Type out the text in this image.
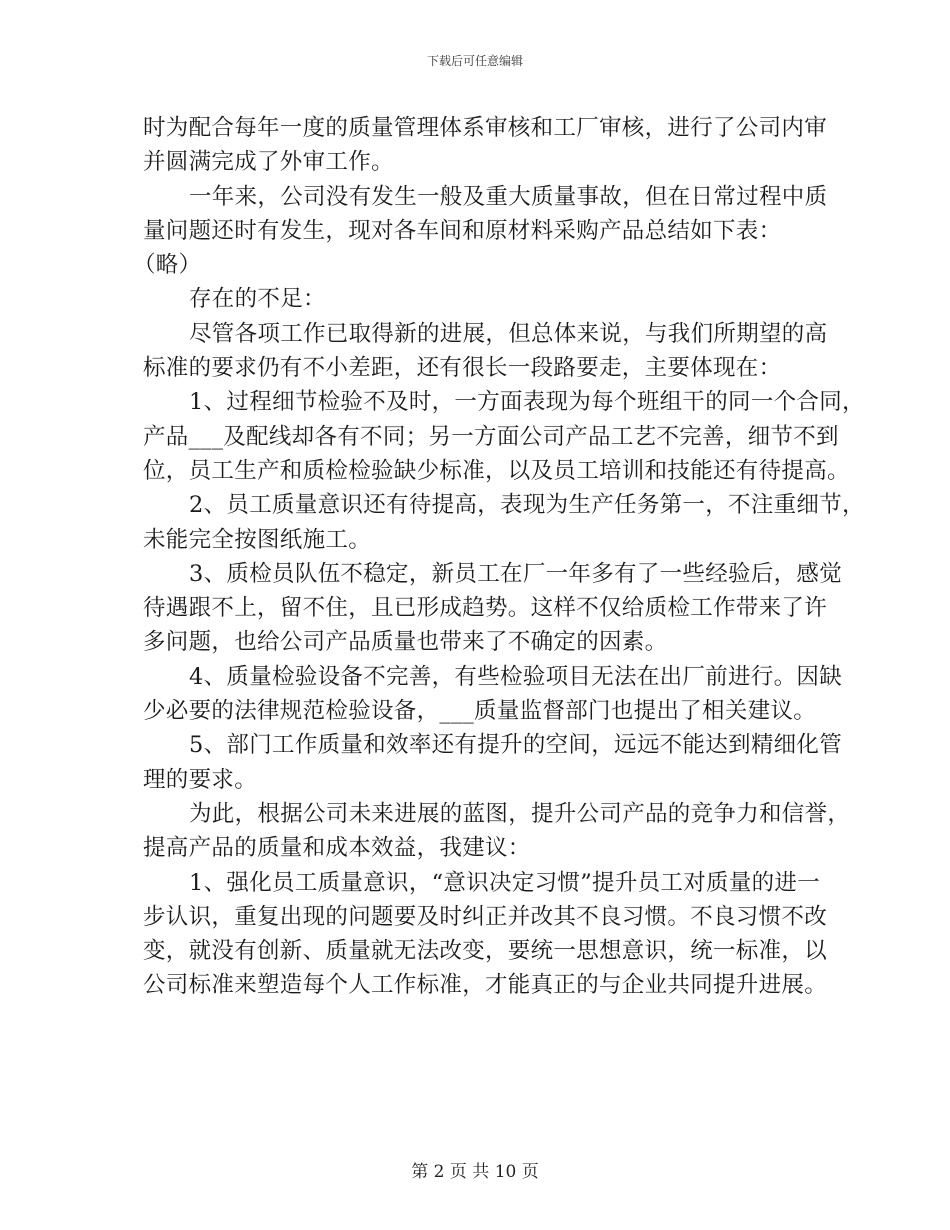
下载后可任意编辑
时为配合每年一度的质量管理体系审核和工厂审核，进行了公司内审
并圆满完成了外审工作。
一年来，公司没有发生一般及重大质量事故，但在日常过程中质
量问题还时有发生，现对各车间和原材料采购产品总结如下表：
（略）
存在的不足：
尽管各项工作已取得新的进展，但总体来说，与我们所期望的高
标准的要求仍有不小差距，还有很长一段路要走，主要体现在：
1、过程细节检验不及时，一方面表现为每个班组干的同一个合同，
产品___及配线却各有不同；另一方面公司产品工艺不完善，细节不到
位，员工生产和质检检验缺少标准，以及员工培训和技能还有待提高。
2、员工质量意识还有待提高，表现为生产任务第一，不注重细节，
未能完全按图纸施工。
3、质检员队伍不稳定，新员工在厂一年多有了一些经验后，感觉
待遇跟不上，留不住，且已形成趋势。这样不仅给质检工作带来了许
多问题，也给公司产品质量也带来了不确定的因素。
4、质量检验设备不完善，有些检验项目无法在出厂前进行。因缺
少必要的法律规范检验设备，___质量监督部门也提出了相关建议。
5、部门工作质量和效率还有提升的空间，远远不能达到精细化管
理的要求。
为此，根据公司未来进展的蓝图，提升公司产品的竞争力和信誉，
提高产品的质量和成本效益，我建议：
1、强化员工质量意识，“意识决定习惯”提升员工对质量的进一
步认识，重复出现的问题要及时纠正并改其不良习惯。不良习惯不改
变，就没有创新、质量就无法改变，要统一思想意识，统一标准，以
公司标准来塑造每个人工作标准，才能真正的与企业共同提升进展。
第 2 页 共 10 页
